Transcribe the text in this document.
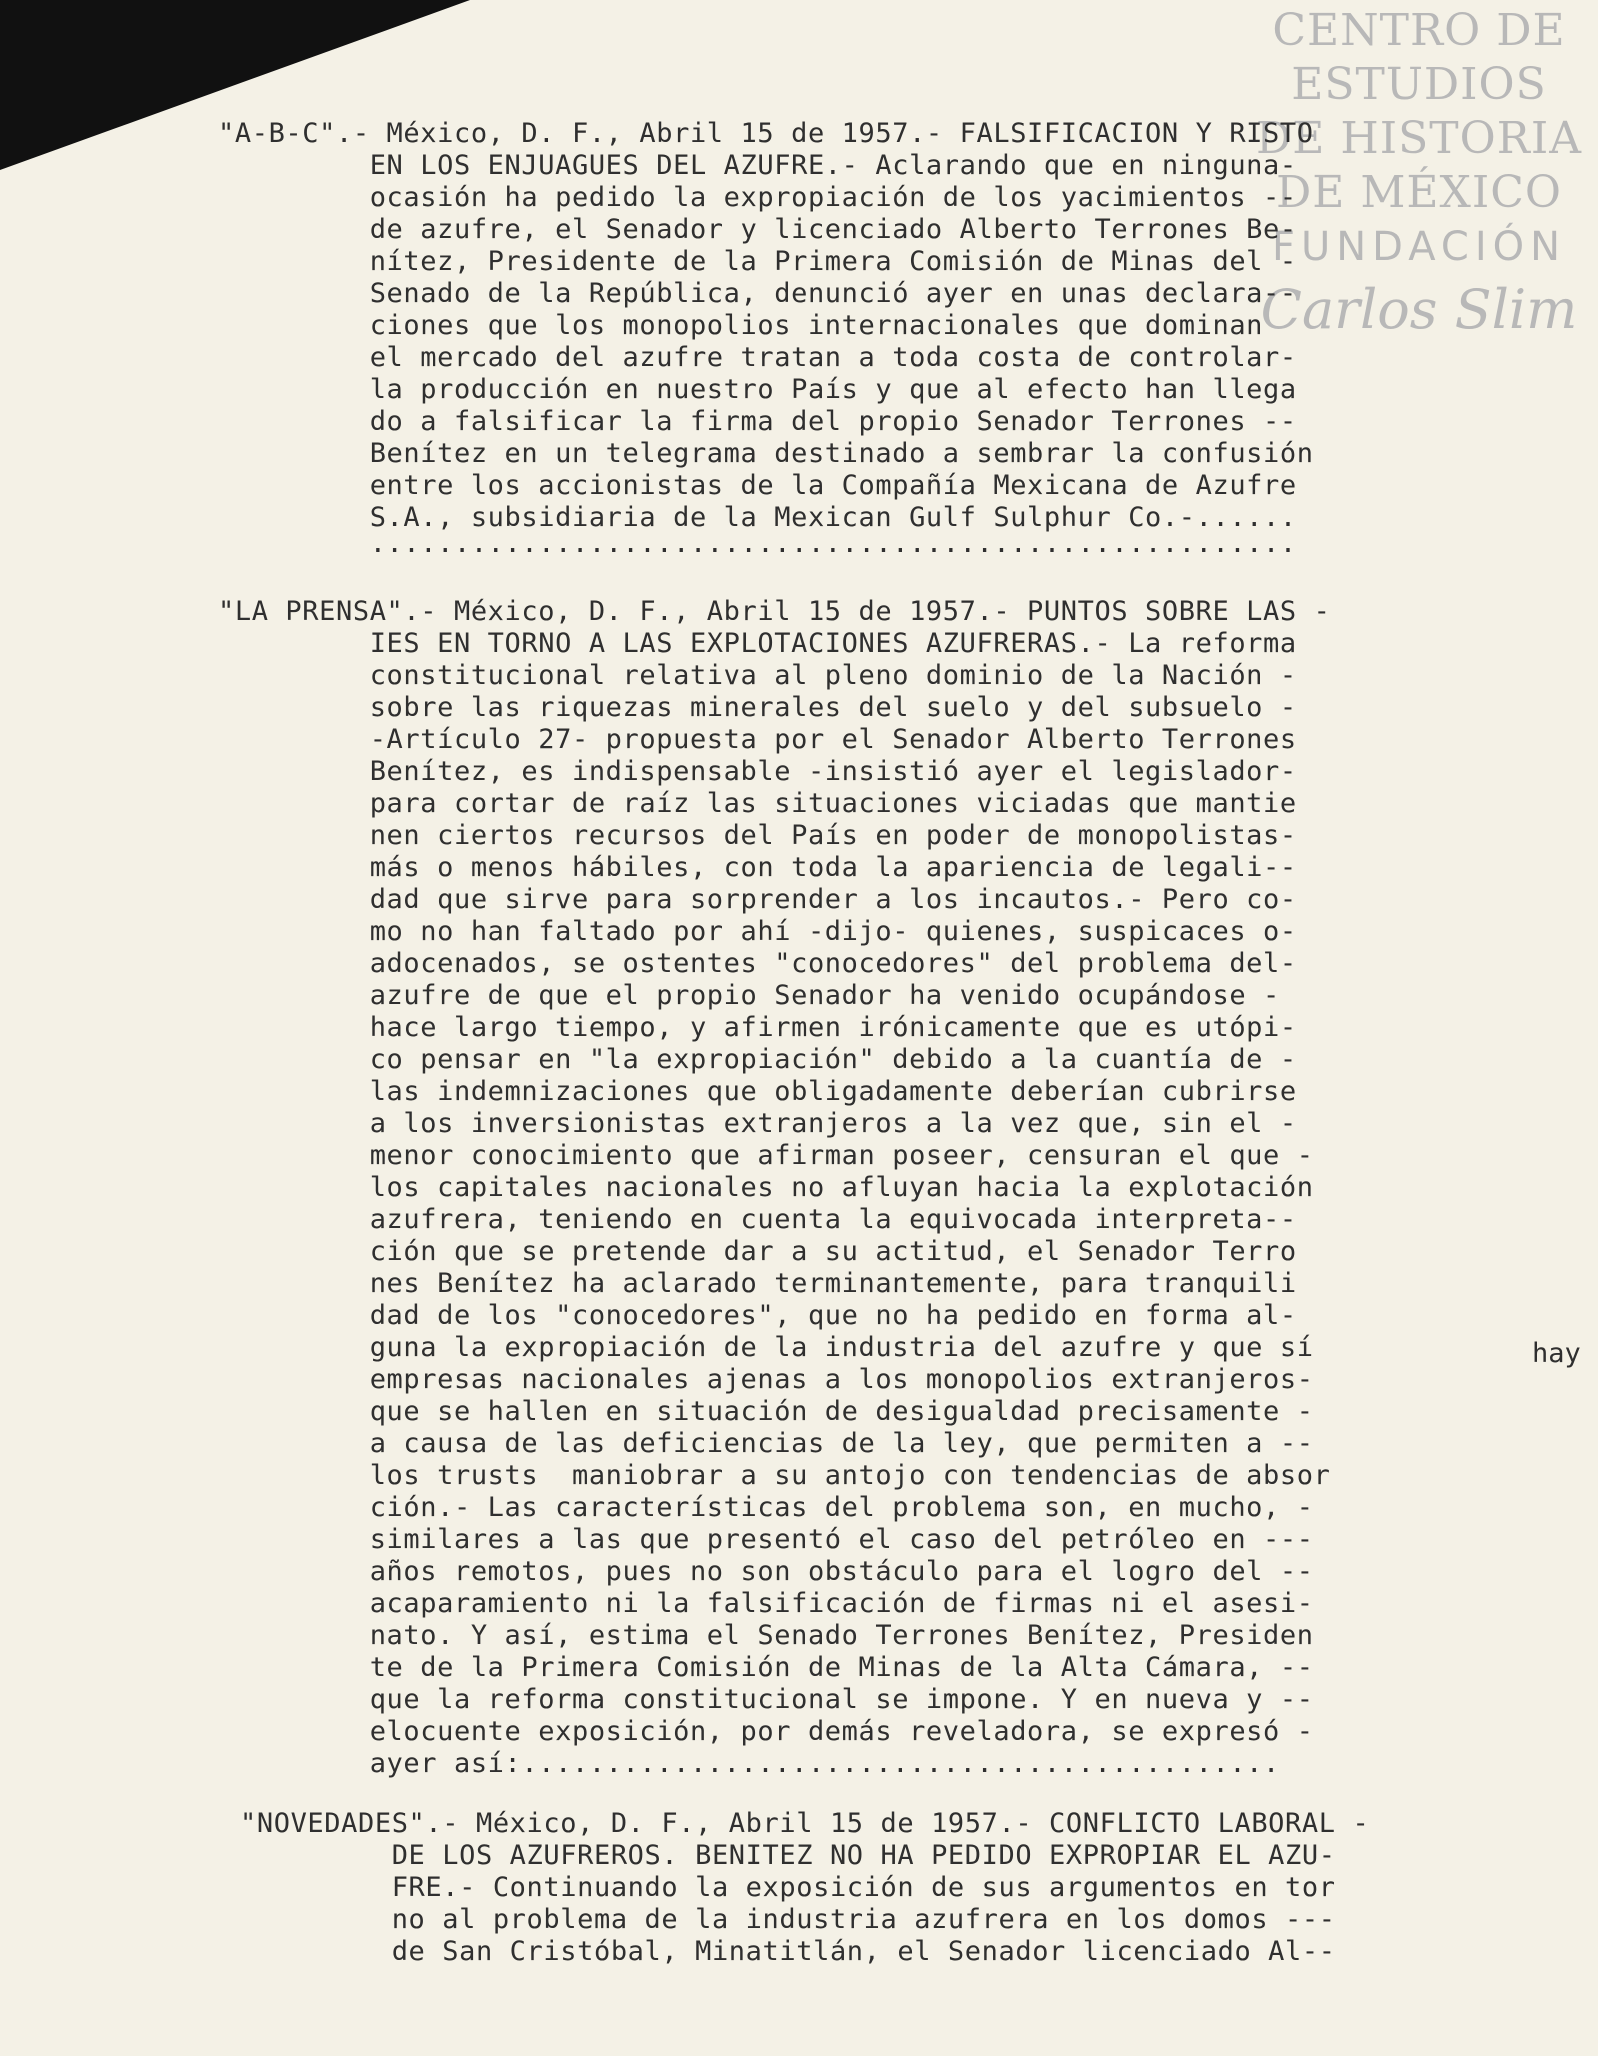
CENTRO DE
ESTUDIOS
DE HISTORIA
DE MÉXICO
FUNDACIÓN
Carlos Slim
"A-B-C".- México, D. F., Abril 15 de 1957.- FALSIFICACION Y RISTO
EN LOS ENJUAGUES DEL AZUFRE.- Aclarando que en ninguna-
ocasión ha pedido la expropiación de los yacimientos --
de azufre, el Senador y licenciado Alberto Terrones Be-
nítez, Presidente de la Primera Comisión de Minas del -
Senado de la República, denunció ayer en unas declara--
ciones que los monopolios internacionales que dominan
el mercado del azufre tratan a toda costa de controlar-
la producción en nuestro País y que al efecto han llega
do a falsificar la firma del propio Senador Terrones --
Benítez en un telegrama destinado a sembrar la confusión
entre los accionistas de la Compañía Mexicana de Azufre
S.A., subsidiaria de la Mexican Gulf Sulphur Co.-......
.......................................................
"LA PRENSA".- México, D. F., Abril 15 de 1957.- PUNTOS SOBRE LAS -
IES EN TORNO A LAS EXPLOTACIONES AZUFRERAS.- La reforma
constitucional relativa al pleno dominio de la Nación -
sobre las riquezas minerales del suelo y del subsuelo -
-Artículo 27- propuesta por el Senador Alberto Terrones
Benítez, es indispensable -insistió ayer el legislador-
para cortar de raíz las situaciones viciadas que mantie
nen ciertos recursos del País en poder de monopolistas-
más o menos hábiles, con toda la apariencia de legali--
dad que sirve para sorprender a los incautos.- Pero co-
mo no han faltado por ahí -dijo- quienes, suspicaces o-
adocenados, se ostentes "conocedores" del problema del-
azufre de que el propio Senador ha venido ocupándose -
hace largo tiempo, y afirmen irónicamente que es utópi-
co pensar en "la expropiación" debido a la cuantía de -
las indemnizaciones que obligadamente deberían cubrirse
a los inversionistas extranjeros a la vez que, sin el -
menor conocimiento que afirman poseer, censuran el que -
los capitales nacionales no afluyan hacia la explotación
azufrera, teniendo en cuenta la equivocada interpreta--
ción que se pretende dar a su actitud, el Senador Terro
nes Benítez ha aclarado terminantemente, para tranquili
dad de los "conocedores", que no ha pedido en forma al-
guna la expropiación de la industria del azufre y que sí
empresas nacionales ajenas a los monopolios extranjeros-
que se hallen en situación de desigualdad precisamente -
a causa de las deficiencias de la ley, que permiten a --
los trusts  maniobrar a su antojo con tendencias de absor
ción.- Las características del problema son, en mucho, -
similares a las que presentó el caso del petróleo en ---
años remotos, pues no son obstáculo para el logro del --
acaparamiento ni la falsificación de firmas ni el asesi-
nato. Y así, estima el Senado Terrones Benítez, Presiden
te de la Primera Comisión de Minas de la Alta Cámara, --
que la reforma constitucional se impone. Y en nueva y --
elocuente exposición, por demás reveladora, se expresó -
ayer así:.............................................
hay
"NOVEDADES".- México, D. F., Abril 15 de 1957.- CONFLICTO LABORAL -
DE LOS AZUFREROS. BENITEZ NO HA PEDIDO EXPROPIAR EL AZU-
FRE.- Continuando la exposición de sus argumentos en tor
no al problema de la industria azufrera en los domos ---
de San Cristóbal, Minatitlán, el Senador licenciado Al--
